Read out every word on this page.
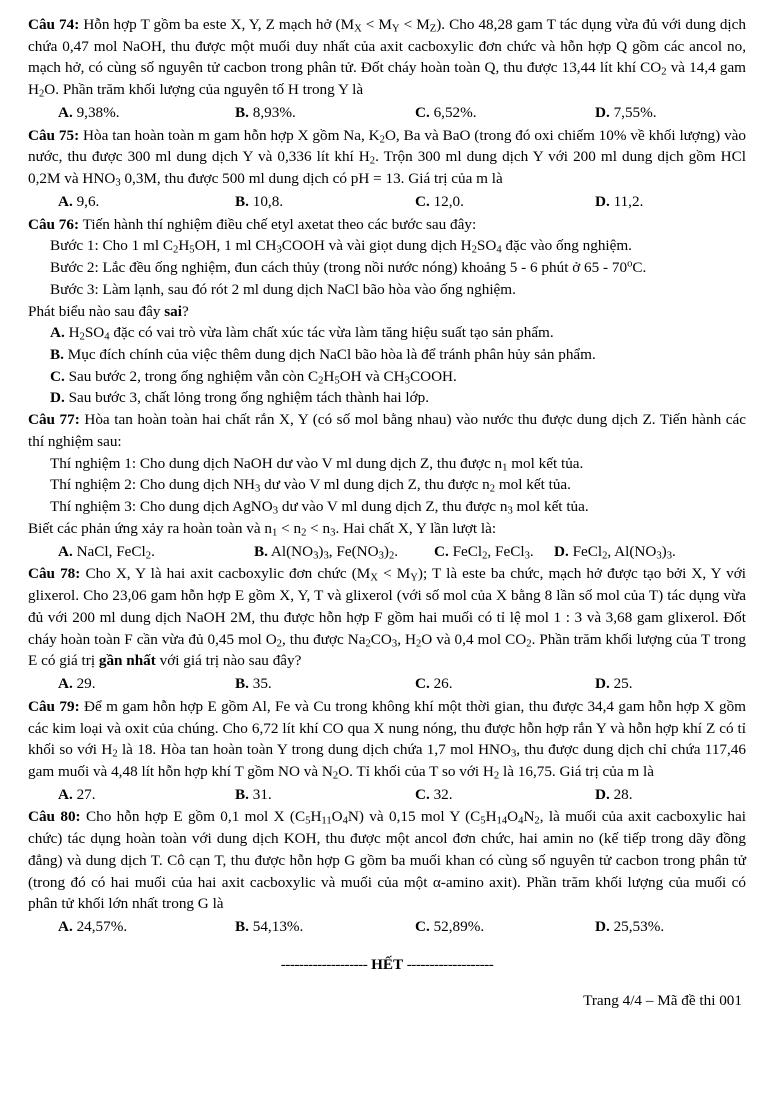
Câu 74: Hỗn hợp T gồm ba este X, Y, Z mạch hở $(M_X < M_Y < M_Z)$. Cho 48,28 gam T tác dụng vừa đủ với dung dịch chứa 0,47 mol NaOH, thu được một muối duy nhất của axit cacboxylic đơn chức và hỗn hợp Q gồm các ancol no, mạch hở, có cùng số nguyên tử cacbon trong phân tử. Đốt cháy hoàn toàn Q, thu được 13,44 lít khí $CO_2$ và 14,4 gam $H_2O$. Phần trăm khối lượng của nguyên tố H trong Y là

A. 9,38%.	B. 8,93%.	C. 6,52%.	D. 7,55%.

Câu 75: Hòa tan hoàn toàn m gam hỗn hợp X gồm Na, $K_2O$, Ba và BaO (trong đó oxi chiếm 10% về khối lượng) vào nước, thu được 300 ml dung dịch Y và 0,336 lít khí $H_2$. Trộn 300 ml dung dịch Y với 200 ml dung dịch gồm HCl 0,2M và $HNO_3$ 0,3M, thu được 500 ml dung dịch có pH = 13. Giá trị của m là

A. 9,6.	B. 10,8.	C. 12,0.	D. 11,2.

Câu 76: Tiến hành thí nghiệm điều chế etyl axetat theo các bước sau đây:

Bước 1: Cho 1 ml $C_2H_5OH$, 1 ml $CH_3COOH$ và vài giọt dung dịch $H_2SO_4$ đặc vào ống nghiệm.

Bước 2: Lắc đều ống nghiệm, đun cách thủy (trong nồi nước nóng) khoảng 5 - 6 phút ở 65 - 70$^o$C.

Bước 3: Làm lạnh, sau đó rót 2 ml dung dịch NaCl bão hòa vào ống nghiệm.

Phát biểu nào sau đây sai?

A. $H_2SO_4$ đặc có vai trò vừa làm chất xúc tác vừa làm tăng hiệu suất tạo sản phẩm.

B. Mục đích chính của việc thêm dung dịch NaCl bão hòa là để tránh phân hủy sản phẩm.

C. Sau bước 2, trong ống nghiệm vẫn còn $C_2H_5OH$ và $CH_3COOH$.

D. Sau bước 3, chất lỏng trong ống nghiệm tách thành hai lớp.

Câu 77: Hòa tan hoàn toàn hai chất rắn X, Y (có số mol bằng nhau) vào nước thu được dung dịch Z. Tiến hành các thí nghiệm sau:

Thí nghiệm 1: Cho dung dịch NaOH dư vào V ml dung dịch Z, thu được $n_1$ mol kết tủa.

Thí nghiệm 2: Cho dung dịch $NH_3$ dư vào V ml dung dịch Z, thu được $n_2$ mol kết tủa.

Thí nghiệm 3: Cho dung dịch AgNO$_3$ dư vào V ml dung dịch Z, thu được $n_3$ mol kết tủa.

Biết các phản ứng xảy ra hoàn toàn và $n_1 < n_2 < n_3$. Hai chất X, Y lần lượt là:

A. NaCl, FeCl$_2$.	B. $Al(NO_3)_3$, $Fe(NO_3)_2$.	C. FeCl$_2$, FeCl$_3$.	D. FeCl$_2$, $Al(NO_3)_3$.

Câu 78: Cho X, Y là hai axit cacboxylic đơn chức $(M_X < M_Y)$; T là este ba chức, mạch hở được tạo bởi X, Y với glixerol. Cho 23,06 gam hỗn hợp E gồm X, Y, T và glixerol (với số mol của X bằng 8 lần số mol của T) tác dụng vừa đủ với 200 ml dung dịch NaOH 2M, thu được hỗn hợp F gồm hai muối có tỉ lệ mol 1 : 3 và 3,68 gam glixerol. Đốt cháy hoàn toàn F cần vừa đủ 0,45 mol $O_2$, thu được $Na_2CO_3$, $H_2O$ và 0,4 mol $CO_2$. Phần trăm khối lượng của T trong E có giá trị gần nhất với giá trị nào sau đây?

A. 29.	B. 35.	C. 26.	D. 25.

Câu 79: Để m gam hỗn hợp E gồm Al, Fe và Cu trong không khí một thời gian, thu được 34,4 gam hỗn hợp X gồm các kim loại và oxit của chúng. Cho 6,72 lít khí CO qua X nung nóng, thu được hỗn hợp rắn Y và hỗn hợp khí Z có tỉ khối so với $H_2$ là 18. Hòa tan hoàn toàn Y trong dung dịch chứa 1,7 mol $HNO_3$, thu được dung dịch chỉ chứa 117,46 gam muối và 4,48 lít hỗn hợp khí T gồm NO và $N_2O$. Tỉ khối của T so với $H_2$ là 16,75. Giá trị của m là

A. 27.	B. 31.	C. 32.	D. 28.

Câu 80: Cho hỗn hợp E gồm 0,1 mol X $(C_5H_{11}O_4N)$ và 0,15 mol Y ($C_5H_{14}O_4N_2$, là muối của axit cacboxylic hai chức) tác dụng hoàn toàn với dung dịch KOH, thu được một ancol đơn chức, hai amin no (kế tiếp trong dãy đồng đẳng) và dung dịch T. Cô cạn T, thu được hỗn hợp G gồm ba muối khan có cùng số nguyên tử cacbon trong phân tử (trong đó có hai muối của hai axit cacboxylic và muối của một α-amino axit). Phần trăm khối lượng của muối có phân tử khối lớn nhất trong G là

A. 24,57%.	B. 54,13%.	C. 52,89%.	D. 25,53%.
------------------- HẾT -------------------
Trang 4/4 – Mã đề thi 001
